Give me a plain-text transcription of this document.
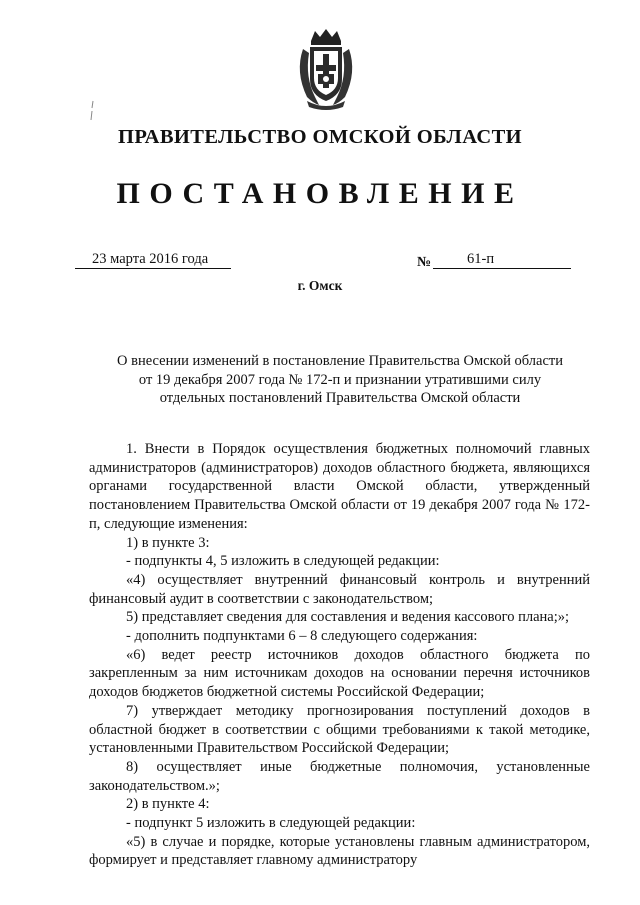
ПРАВИТЕЛЬСТВО ОМСКОЙ ОБЛАСТИ
ПОСТАНОВЛЕНИЕ
23 марта 2016 года	№	61-п
г. Омск
О внесении изменений в постановление Правительства Омской области
от 19 декабря 2007 года № 172-п и признании утратившими силу
отдельных постановлений Правительства Омской области

1. Внести в Порядок осуществления бюджетных полномочий главных администраторов (администраторов) доходов областного бюджета, являющихся органами государственной власти Омской области, утвержденный постановлением Правительства Омской области от 19 декабря 2007 года № 172-п, следующие изменения:

1) в пункте 3:

- подпункты 4, 5 изложить в следующей редакции:

«4) осуществляет внутренний финансовый контроль и внутренний финансовый аудит в соответствии с законодательством;

5) представляет сведения для составления и ведения кассового плана;»;

- дополнить подпунктами 6 – 8 следующего содержания:

«6) ведет реестр источников доходов областного бюджета по закрепленным за ним источникам доходов на основании перечня источников доходов бюджетов бюджетной системы Российской Федерации;

7) утверждает методику прогнозирования поступлений доходов в областной бюджет в соответствии с общими требованиями к такой методике, установленными Правительством Российской Федерации;

8) осуществляет иные бюджетные полномочия, установленные законодательством.»;

2) в пункте 4:

- подпункт 5 изложить в следующей редакции:

«5) в случае и порядке, которые установлены главным администратором, формирует и представляет главному администратору
